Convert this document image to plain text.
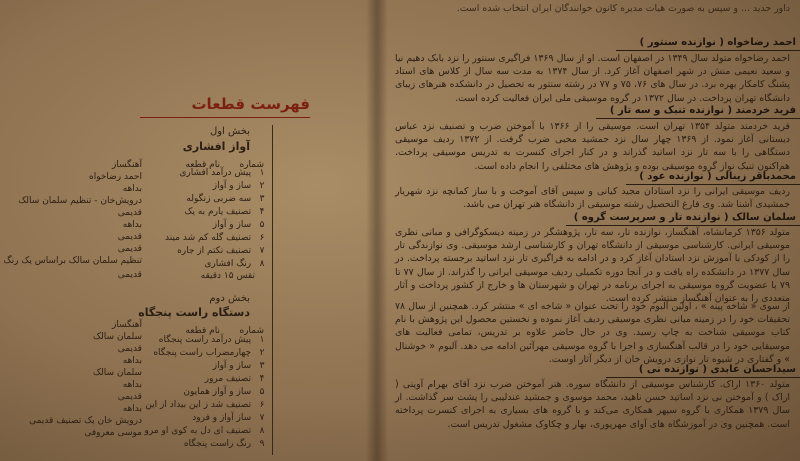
فهرست قطعات
بخش اول
آواز افشاری
شماره
نام قطعه
۱ پیش درآمد افشاری
۲ ساز و آواز
۳ سه ضربی زنگوله
۴ تصنیف یارم به یک
۵ ساز و آواز
۶ تصنیف گله کم شد میند
۷ تصنیف نکتم از جاره
۸ رنگ افشاری
آهنگساز
احمد رضاخواه
بداهه
درویش‌خان - تنظیم سلمان سالک
قدیمی
بداهه
قدیمی
قدیمی
تنظیم سلمان سالک براساس یک رنگ قدیمی	تقس ۱۵ دقیقه
بخش دوم
دستگاه راست پنجگاه
شماره
نام قطعه
۱ پیش درآمد راست پنجگاه
۲ چهارمضراب راست پنجگاه
۳ ساز و آواز
۴ تصنیف مرور
۵ ساز و آواز همایون
۶ تصنیف شد ز این بیداد از این
۷ ساز آواز و فرود
۸ تصنیف ای دل به کوی او مرو
۹ رنگ راست پنجگاه
آهنگساز
سلمان سالک
قدیمی
بداهه
سلمان سالک
بداهه
قدیمی
بداهه
درویش خان یک تصنیف قدیمی
موسی معروفی

داور حدید ... و سپس به صورت هیات مدیره کانون خوانندگان ایران انتخاب شده است.

احمد رضاخواه ( نوازنده سنتور )

احمد رضاخواه متولد سال ۱۳۴۹ در اصفهان است. او از سال ۱۳۶۹ فراگیری سنتور را نزد بابک دهیم نیا و سعید نعیمی منش در شهر اصفهان آغاز کرد. از سال ۱۳۷۴ به مدت سه سال از کلاس های استاد پشنگ کامکار بهره برد. در سال های ۷۶، ۷۵ و ۷۷ در رشته سنتور به تحصیل در دانشکده هنرهای زیبای دانشگاه تهران پرداخت. در سال ۱۳۷۲ در گروه موسیقی ملی ایران فعالیت کرده است.

فرید خردمند ( نوازنده تنبک و سه تار )

فرید خردمند متولد ۱۳۵۴ تهران است. موسیقی را از ۱۳۶۶ با آموختن ضرب و تصنیف نزد عباس دیستانی آغاز نمود. از ۱۳۶۹ چهار سال نزد جمشید محبی ضرب گرفت. از ۱۳۷۲ ردیف موسیقی دستگاهی را با سه تار نزد اساتید گذراند و در کنار اجرای کنسرت به تدریس موسیقی پرداخت. هم‌اکنون تنبک نواز گروه موسیقی بوده و پژوهش های مختلفی را انجام داده است.

محمدباقر زینالی ( نوازنده عود )

ردیف موسیقی ایرانی را نزد استادان مجید کیانی و سپس آقای آموخت و با ساز کمانچه نزد شهریار جمشیدی آشنا شد. وی فارغ التحصیل رشته موسیقی از دانشگاه هنر تهران می باشد.

سلمان سالک ( نوازنده تار و سرپرست گروه )

متولد ۱۳۵۶ کرمانشاه، آهنگساز، نوازنده تار، سه تار، پژوهشگر در زمینه دیسکوگرافی و مبانی نظری موسیقی ایرانی. کارشناسی موسیقی از دانشگاه تهران و کارشناسی ارشد موسیقی. وی نوازندگی تار را از کودکی با آموزش نزد استادان آغاز کرد و در ادامه به فراگیری تار نزد اساتید برجسته پرداخت. در سال ۱۳۷۷ در دانشکده راه یافت و در آنجا دوره تکمیلی ردیف موسیقی ایرانی را گذراند. از سال ۷۷ تا ۷۹ با عضویت گروه موسیقی به اجرای برنامه در تهران و شهرستان ها و خارج از کشور پرداخت و آثار متعددی را به عنوان آهنگساز منتشر کرده است.

از سوی « شاخه پینه » ، اولین آلبوم خود را تحت عنوان « شاخه ای » منتشر کرد. همچنین از سال ۷۸ تحقیقات خود را در زمینه مبانی نظری موسیقی ردیف آغاز نموده و نخستین محصول این پژوهش با نام کتاب موسیقی شناخت به چاپ رسید. وی در حال حاضر علاوه بر تدریس، تمامی فعالیت های موسیقایی خود را در قالب آهنگسازی و اجرا با گروه موسیقی مهر‌آئین ادامه می دهد. آلبوم « خوشنال » و گفتاری در شیوه تار نوازی درویش خان از دیگر آثار اوست.

سیداحسان عابدی ( نوازنده نی )

متولد ۱۳۶۰ اراک. کارشناس موسیقی از دانشگاه سوره. هنر آموختن ضرب نزد آقای بهرام آوینی ( اراک ) و آموختن نی نزد اساتید حسن ناهید، محمد موسوی و جمشید عندلیبی را پشت سر گذاشت. از سال ۱۳۷۹ همکاری با گروه سپهر همکاری می‌کند و با گروه های بسیاری به اجرای کنسرت پرداخته است. همچنین وی در آموزشگاه های آوای مهرپوری، بهار و چکاوک مشغول تدریس است.
